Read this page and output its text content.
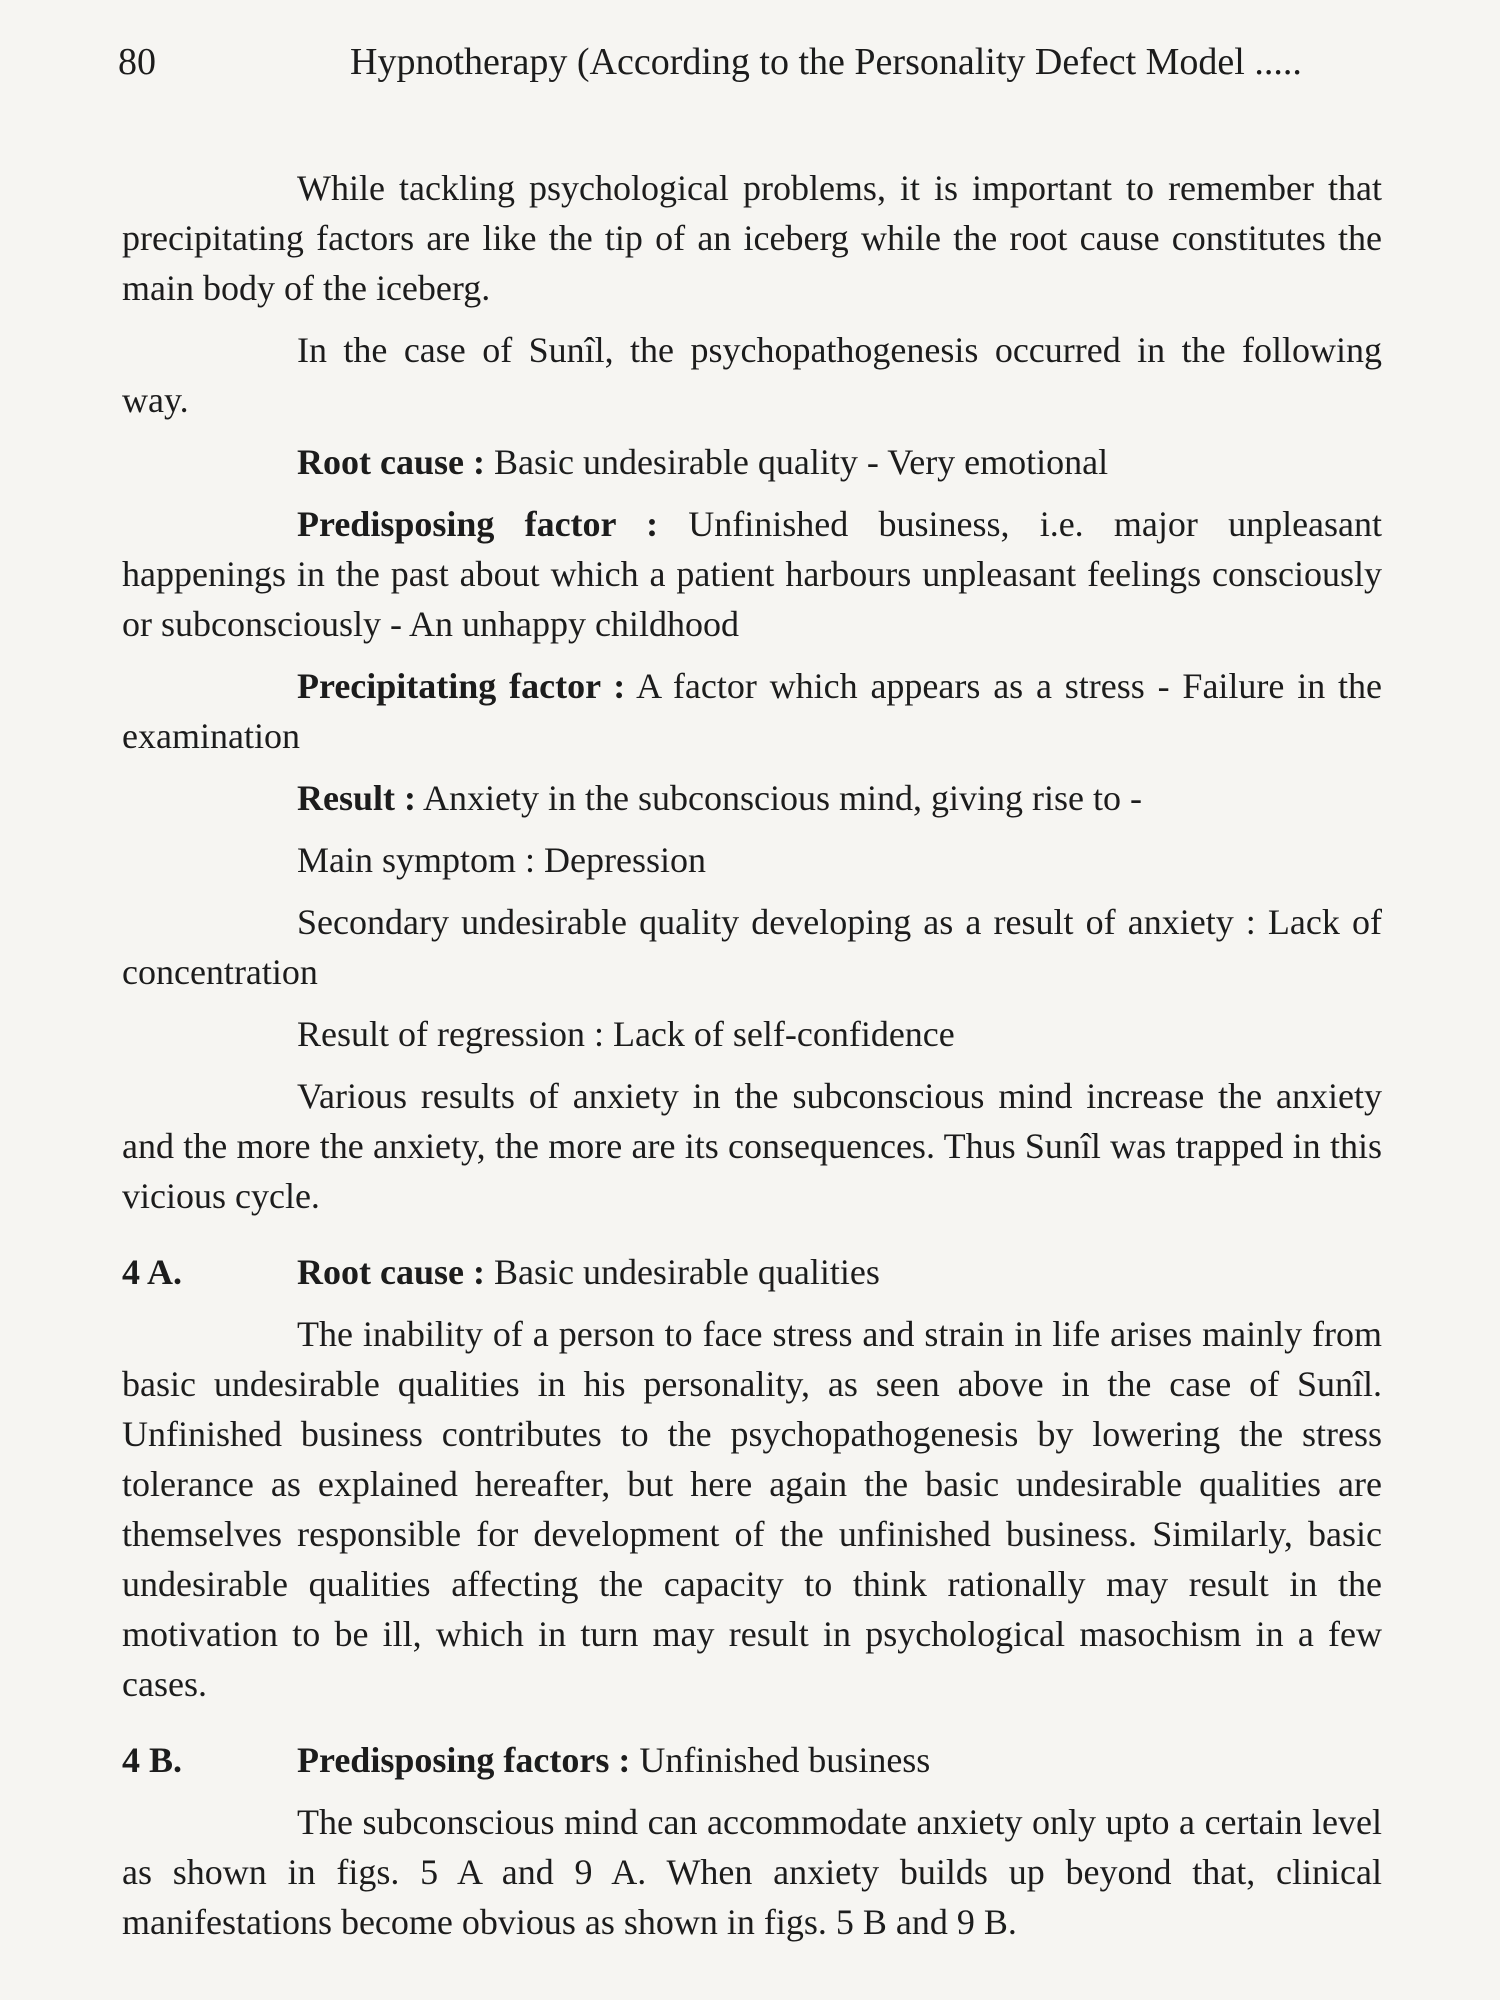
80	Hypnotherapy (According to the Personality Defect Model .....

While tackling psychological problems, it is important to remember that precipitating factors are like the tip of an iceberg while the root cause constitutes the main body of the iceberg.

In the case of Sunîl, the psychopathogenesis occurred in the following way.

Root cause : Basic undesirable quality - Very emotional

Predisposing factor : Unfinished business, i.e. major unpleasant happenings in the past about which a patient harbours unpleasant feelings consciously or subconsciously - An unhappy childhood

Precipitating factor : A factor which appears as a stress - Failure in the examination

Result : Anxiety in the subconscious mind, giving rise to -

Main symptom : Depression

Secondary undesirable quality developing as a result of anxiety : Lack of concentration

Result of regression : Lack of self-confidence

Various results of anxiety in the subconscious mind increase the anxiety and the more the anxiety, the more are its consequences. Thus Sunîl was trapped in this vicious cycle.

4 A.	Root cause : Basic undesirable qualities

The inability of a person to face stress and strain in life arises mainly from basic undesirable qualities in his personality, as seen above in the case of Sunîl. Unfinished business contributes to the psychopathogenesis by lowering the stress tolerance as explained hereafter, but here again the basic undesirable qualities are themselves responsible for development of the unfinished business. Similarly, basic undesirable qualities affecting the capacity to think rationally may result in the motivation to be ill, which in turn may result in psychological masochism in a few cases.

4 B.	Predisposing factors : Unfinished business

The subconscious mind can accommodate anxiety only upto a certain level as shown in figs. 5 A and 9 A. When anxiety builds up beyond that, clinical manifestations become obvious as shown in figs. 5 B and 9 B.
